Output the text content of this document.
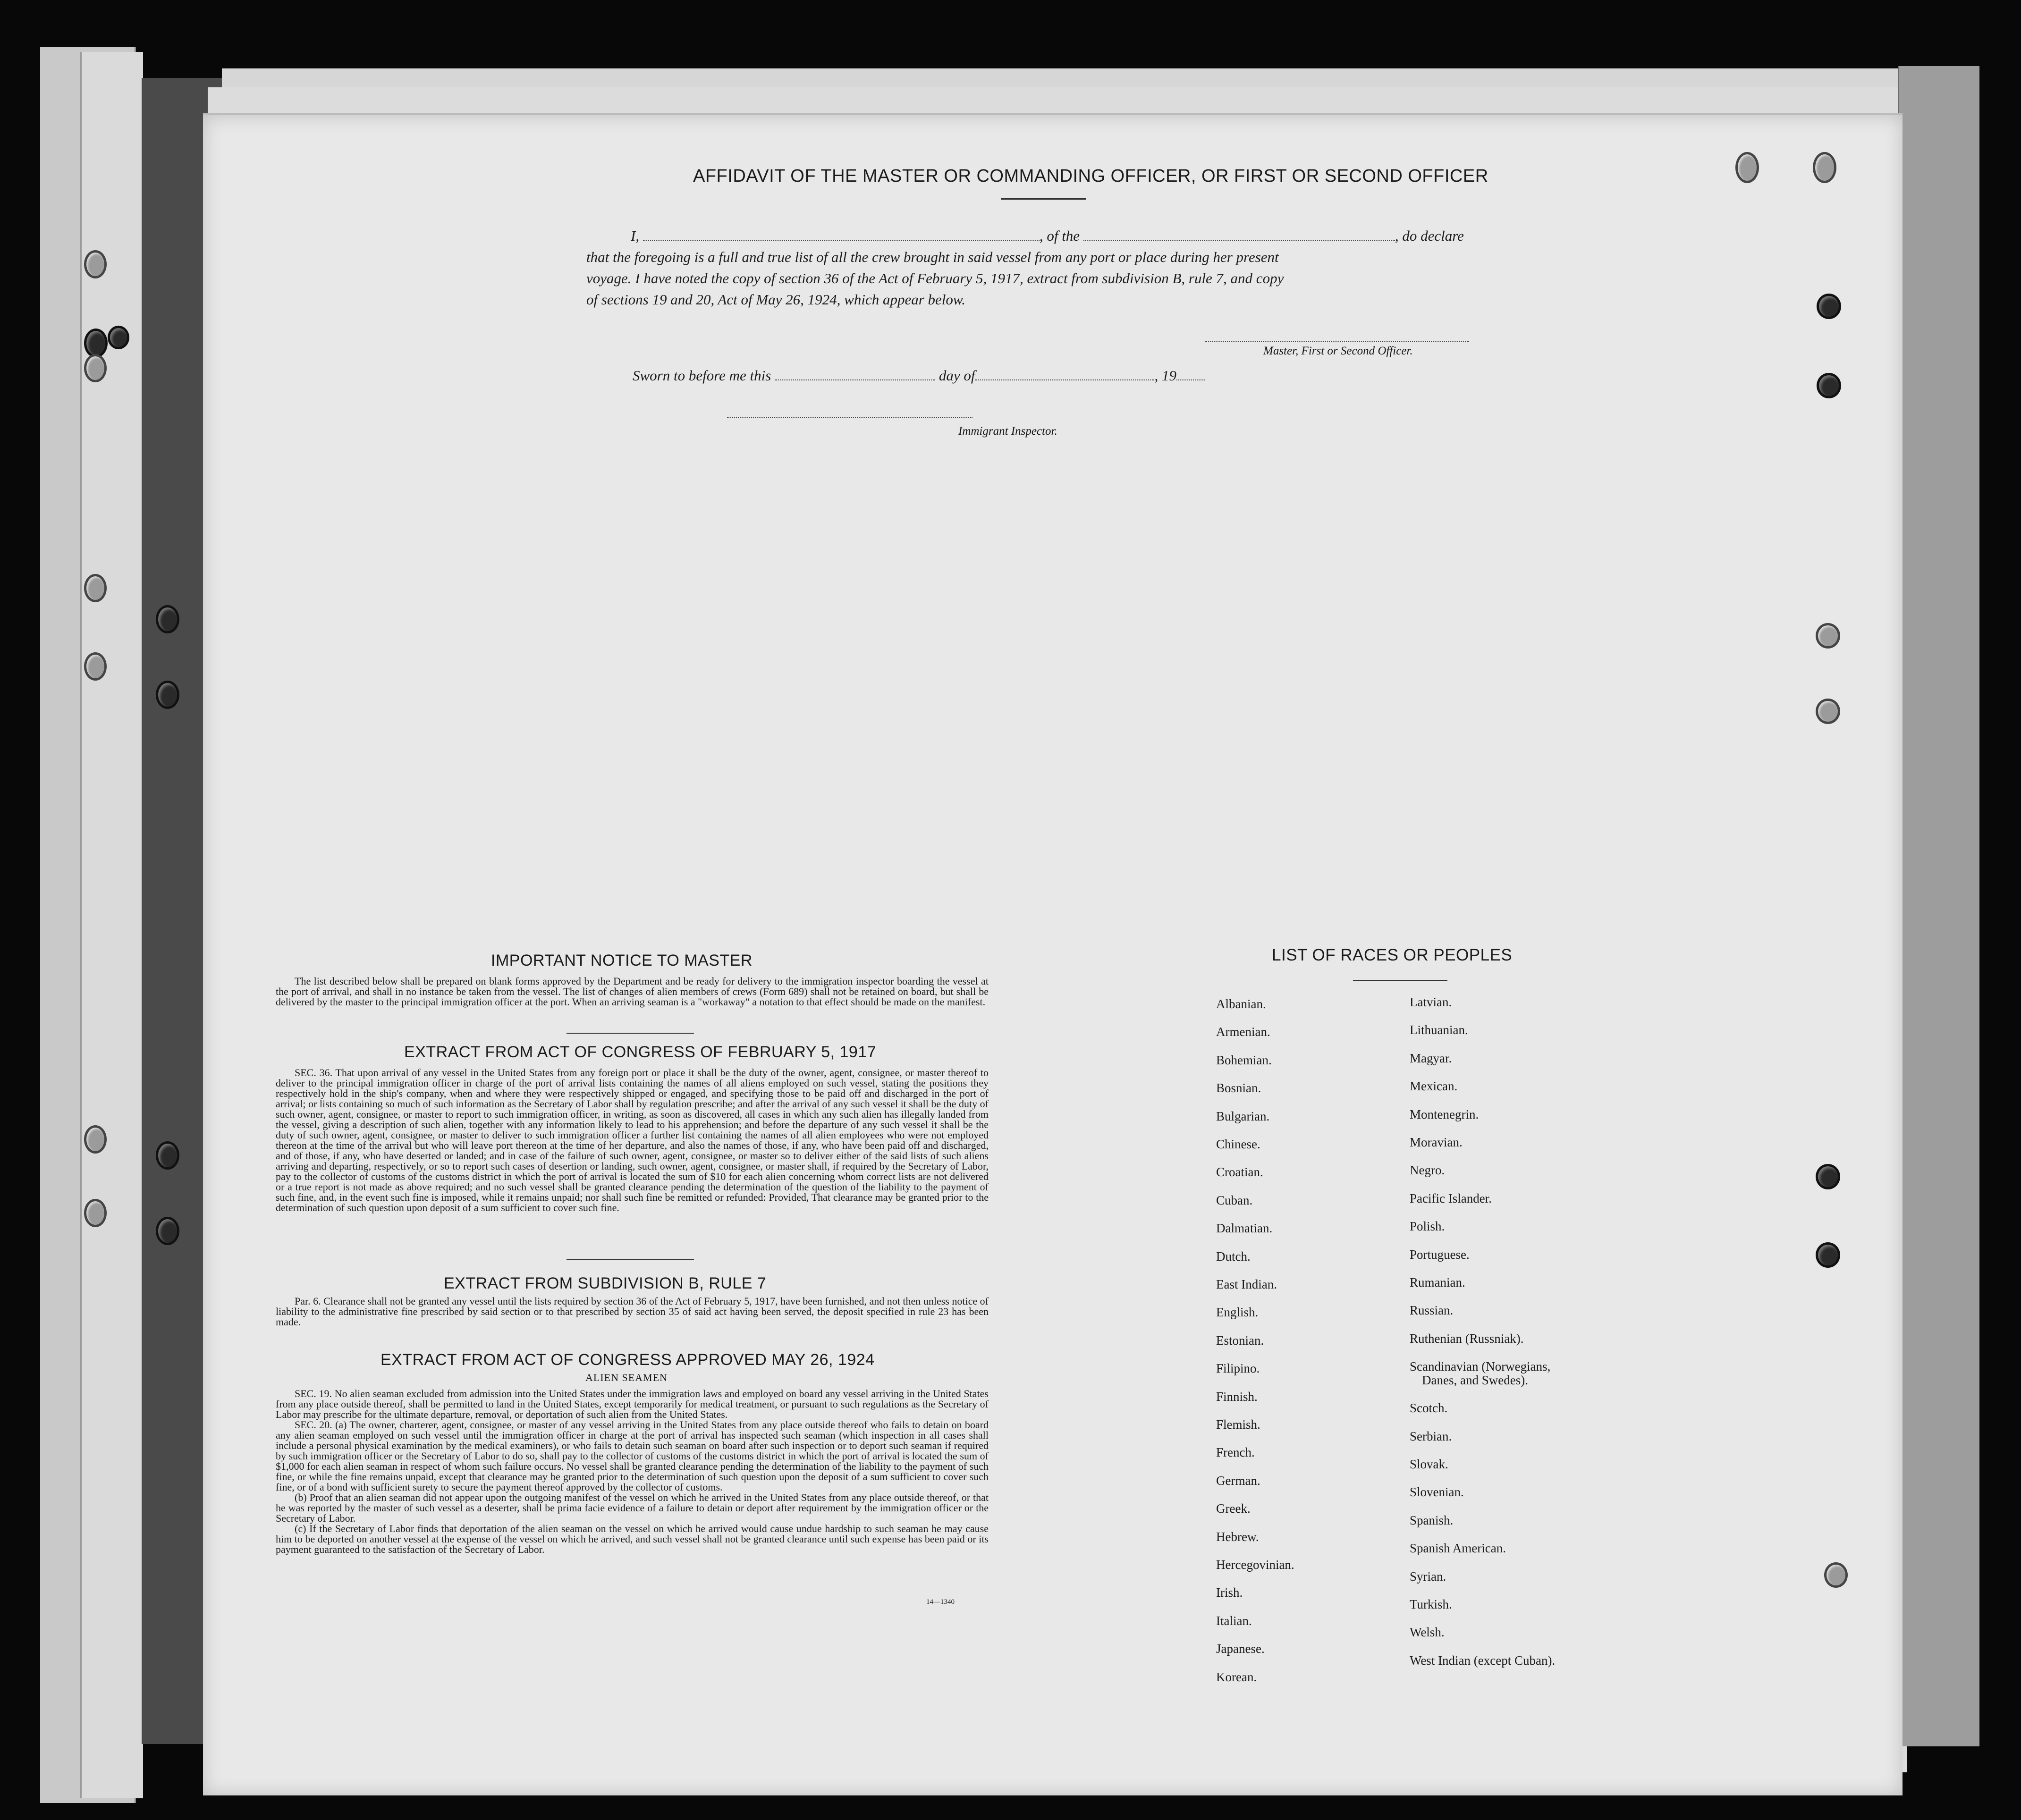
AFFIDAVIT OF THE MASTER OR COMMANDING OFFICER, OR FIRST OR SECOND OFFICER
I,	, of the	, do declare
that the foregoing is a full and true list of all the crew brought in said vessel from any port or place during her present
voyage. I have noted the copy of section 36 of the Act of February 5, 1917, extract from subdivision B, rule 7, and copy
of sections 19 and 20, Act of May 26, 1924, which appear below.
Master, First or Second Officer.
Sworn to before me this	day of	, 19
Immigrant Inspector.
IMPORTANT NOTICE TO MASTER

The list described below shall be prepared on blank forms approved by the Department and be ready for delivery to the immigration inspector boarding the vessel at the port of arrival, and shall in no instance be taken from the vessel. The list of changes of alien members of crews (Form 689) shall not be retained on board, but shall be delivered by the master to the principal immigration officer at the port. When an arriving seaman is a "workaway" a notation to that effect should be made on the manifest.

EXTRACT FROM ACT OF CONGRESS OF FEBRUARY 5, 1917

SEC. 36. That upon arrival of any vessel in the United States from any foreign port or place it shall be the duty of the owner, agent, consignee, or master thereof to deliver to the principal immigration officer in charge of the port of arrival lists containing the names of all aliens employed on such vessel, stating the positions they respectively hold in the ship's company, when and where they were respectively shipped or engaged, and specifying those to be paid off and discharged in the port of arrival; or lists containing so much of such information as the Secretary of Labor shall by regulation prescribe; and after the arrival of any such vessel it shall be the duty of such owner, agent, consignee, or master to report to such immigration officer, in writing, as soon as discovered, all cases in which any such alien has illegally landed from the vessel, giving a description of such alien, together with any information likely to lead to his apprehension; and before the departure of any such vessel it shall be the duty of such owner, agent, consignee, or master to deliver to such immigration officer a further list containing the names of all alien employees who were not employed thereon at the time of the arrival but who will leave port thereon at the time of her departure, and also the names of those, if any, who have been paid off and discharged, and of those, if any, who have deserted or landed; and in case of the failure of such owner, agent, consignee, or master so to deliver either of the said lists of such aliens arriving and departing, respectively, or so to report such cases of desertion or landing, such owner, agent, consignee, or master shall, if required by the Secretary of Labor, pay to the collector of customs of the customs district in which the port of arrival is located the sum of $10 for each alien concerning whom correct lists are not delivered or a true report is not made as above required; and no such vessel shall be granted clearance pending the determination of the question of the liability to the payment of such fine, and, in the event such fine is imposed, while it remains unpaid; nor shall such fine be remitted or refunded: Provided, That clearance may be granted prior to the determination of such question upon deposit of a sum sufficient to cover such fine.

EXTRACT FROM SUBDIVISION B, RULE 7

Par. 6. Clearance shall not be granted any vessel until the lists required by section 36 of the Act of February 5, 1917, have been furnished, and not then unless notice of liability to the administrative fine prescribed by said section or to that prescribed by section 35 of said act having been served, the deposit specified in rule 23 has been made.

EXTRACT FROM ACT OF CONGRESS APPROVED MAY 26, 1924
ALIEN SEAMEN

SEC. 19. No alien seaman excluded from admission into the United States under the immigration laws and employed on board any vessel arriving in the United States from any place outside thereof, shall be permitted to land in the United States, except temporarily for medical treatment, or pursuant to such regulations as the Secretary of Labor may prescribe for the ultimate departure, removal, or deportation of such alien from the United States.

SEC. 20. (a) The owner, charterer, agent, consignee, or master of any vessel arriving in the United States from any place outside thereof who fails to detain on board any alien seaman employed on such vessel until the immigration officer in charge at the port of arrival has inspected such seaman (which inspection in all cases shall include a personal physical examination by the medical examiners), or who fails to detain such seaman on board after such inspection or to deport such seaman if required by such immigration officer or the Secretary of Labor to do so, shall pay to the collector of customs of the customs district in which the port of arrival is located the sum of $1,000 for each alien seaman in respect of whom such failure occurs. No vessel shall be granted clearance pending the determination of the liability to the payment of such fine, or while the fine remains unpaid, except that clearance may be granted prior to the determination of such question upon the deposit of a sum sufficient to cover such fine, or of a bond with sufficient surety to secure the payment thereof approved by the collector of customs.

(b) Proof that an alien seaman did not appear upon the outgoing manifest of the vessel on which he arrived in the United States from any place outside thereof, or that he was reported by the master of such vessel as a deserter, shall be prima facie evidence of a failure to detain or deport after requirement by the immigration officer or the Secretary of Labor.

(c) If the Secretary of Labor finds that deportation of the alien seaman on the vessel on which he arrived would cause undue hardship to such seaman he may cause him to be deported on another vessel at the expense of the vessel on which he arrived, and such vessel shall not be granted clearance until such expense has been paid or its payment guaranteed to the satisfaction of the Secretary of Labor.

14—1340
LIST OF RACES OR PEOPLES
Albanian.
Armenian.
Bohemian.
Bosnian.
Bulgarian.
Chinese.
Croatian.
Cuban.
Dalmatian.
Dutch.
East Indian.
English.
Estonian.
Filipino.
Finnish.
Flemish.
French.
German.
Greek.
Hebrew.
Hercegovinian.
Irish.
Italian.
Japanese.
Korean.
Latvian.
Lithuanian.
Magyar.
Mexican.
Montenegrin.
Moravian.
Negro.
Pacific Islander.
Polish.
Portuguese.
Rumanian.
Russian.
Ruthenian (Russniak).
Scandinavian (Norwegians,
Danes, and Swedes).
Scotch.
Serbian.
Slovak.
Slovenian.
Spanish.
Spanish American.
Syrian.
Turkish.
Welsh.
West Indian (except Cuban).
